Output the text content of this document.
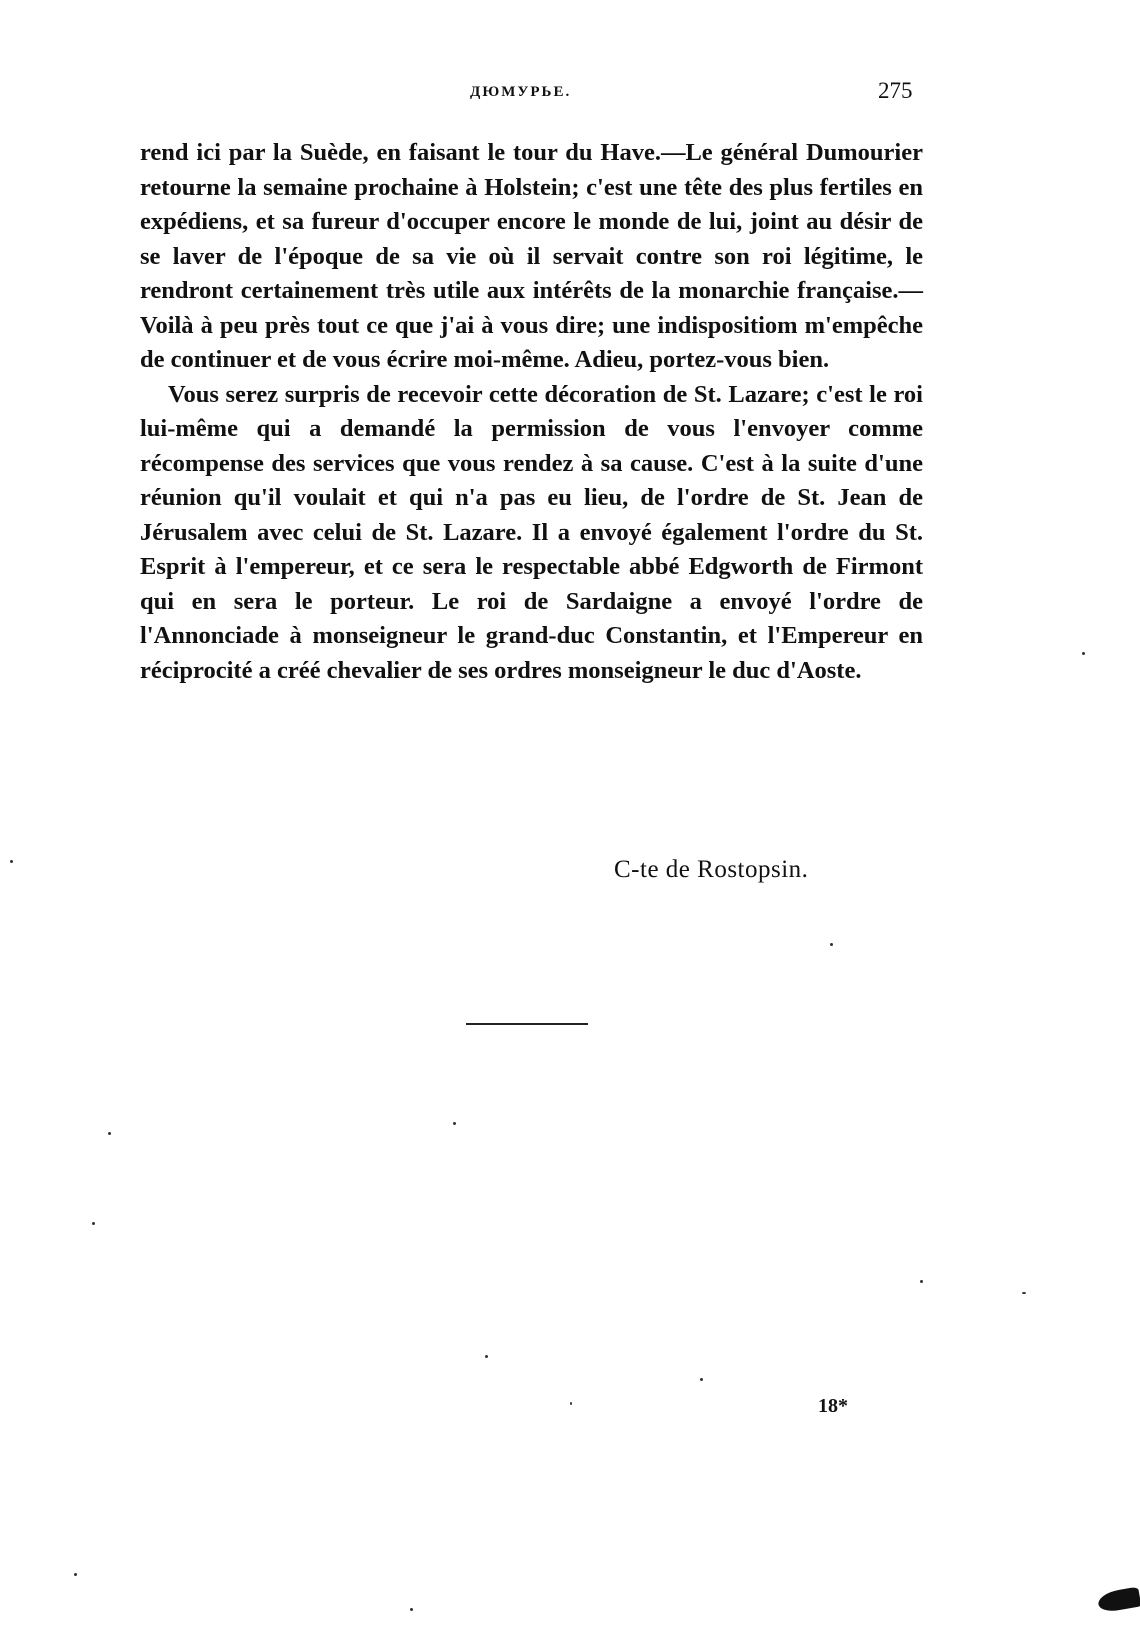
ДЮМУРЬЕ.	275

rend ici par la Suède, en faisant le tour du Have.—Le général Dumourier retourne la semaine prochaine à Holstein; c'est une tête des plus fertiles en expédiens, et sa fureur d'occuper encore le monde de lui, joint au désir de se laver de l'époque de sa vie où il servait contre son roi légitime, le rendront certainement très utile aux intérêts de la monarchie française.—Voilà à peu près tout ce que j'ai à vous dire; une indispositiom m'empêche de continuer et de vous écrire moi-même. Adieu, portez-vous bien.

Vous serez surpris de recevoir cette décoration de St. Lazare; c'est le roi lui-même qui a demandé la permission de vous l'envoyer comme récompense des services que vous rendez à sa cause. C'est à la suite d'une réunion qu'il voulait et qui n'a pas eu lieu, de l'ordre de St. Jean de Jérusalem avec celui de St. Lazare. Il a envoyé également l'ordre du St. Esprit à l'empereur, et ce sera le respectable abbé Edgworth de Firmont qui en sera le porteur. Le roi de Sardaigne a envoyé l'ordre de l'Annonciade à monseigneur le grand-duc Constantin, et l'Empereur en réciprocité a créé chevalier de ses ordres monseigneur le duc d'Aoste.

C-te de Rostopsin.
18*
